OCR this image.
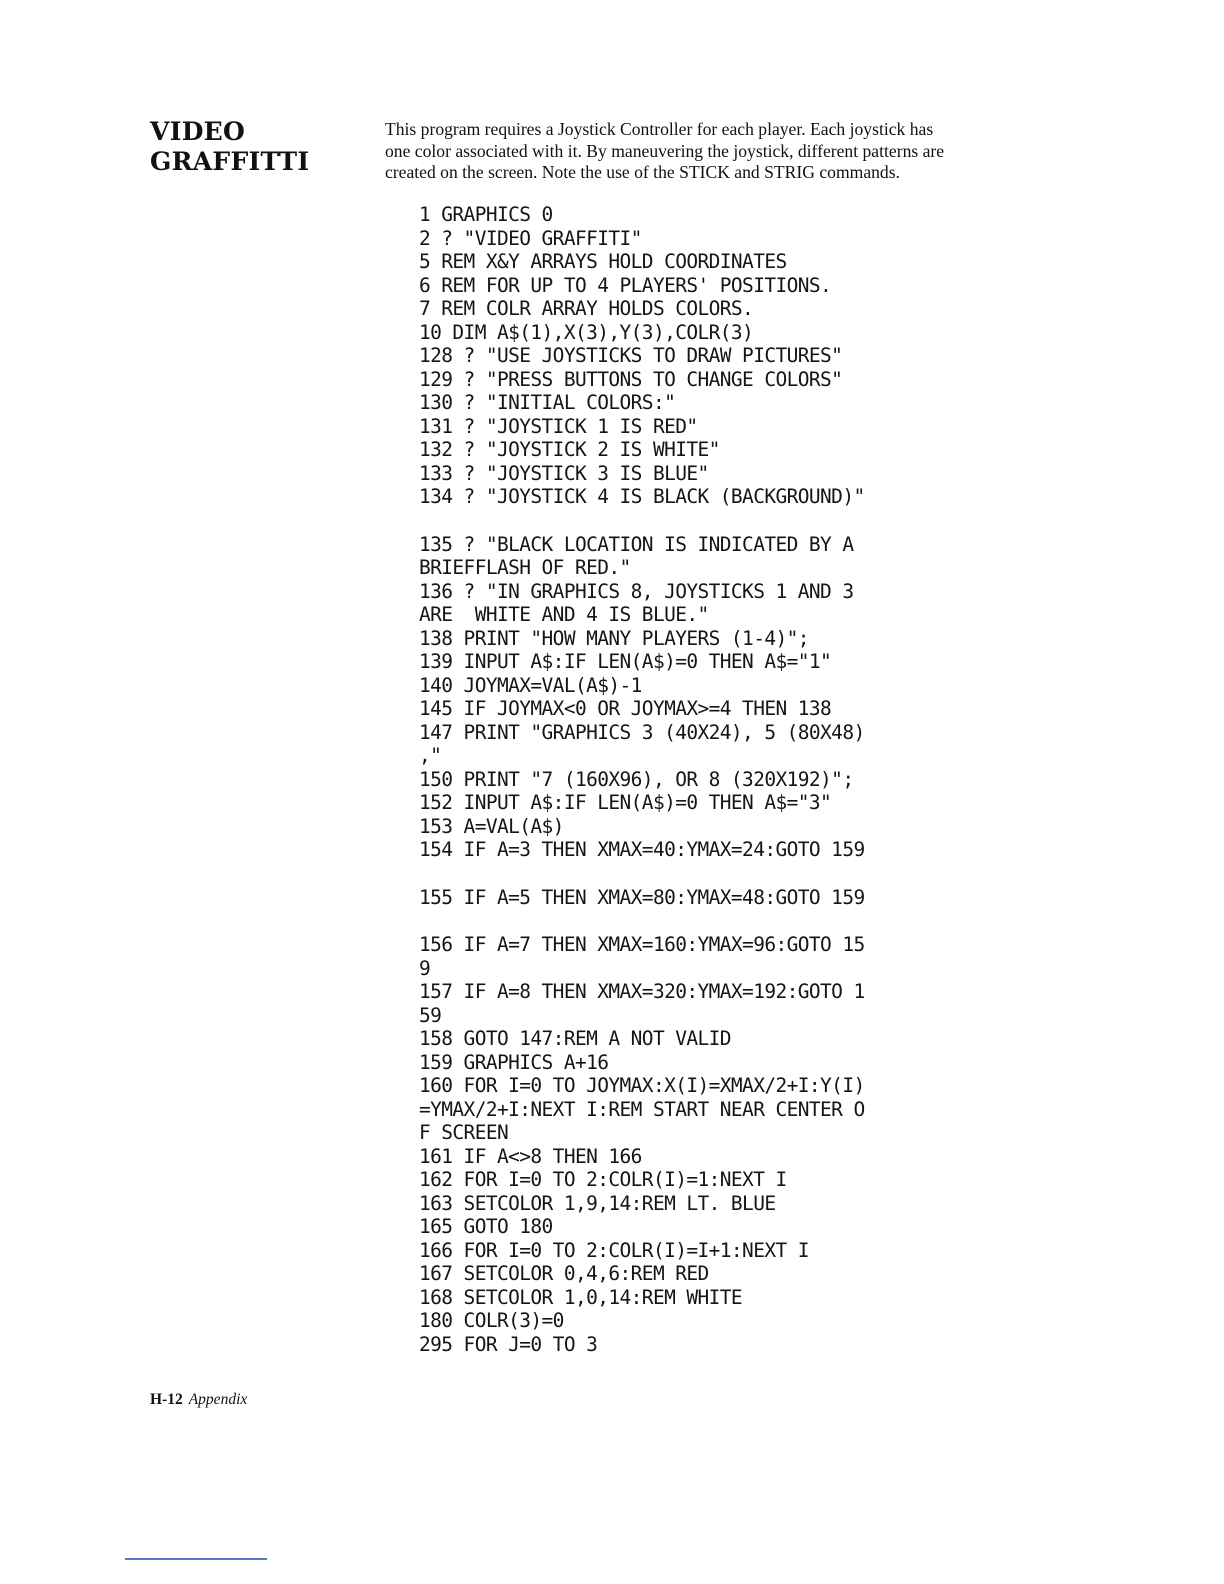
VIDEO
GRAFFITTI
This program requires a Joystick Controller for each player. Each joystick has
one color associated with it. By maneuvering the joystick, different patterns are
created on the screen. Note the use of the STICK and STRIG commands.
1 GRAPHICS 0
2 ? "VIDEO GRAFFITI"
5 REM X&Y ARRAYS HOLD COORDINATES
6 REM FOR UP TO 4 PLAYERS' POSITIONS.
7 REM COLR ARRAY HOLDS COLORS.
10 DIM A$(1),X(3),Y(3),COLR(3)
128 ? "USE JOYSTICKS TO DRAW PICTURES"
129 ? "PRESS BUTTONS TO CHANGE COLORS"
130 ? "INITIAL COLORS:"
131 ? "JOYSTICK 1 IS RED"
132 ? "JOYSTICK 2 IS WHITE"
133 ? "JOYSTICK 3 IS BLUE"
134 ? "JOYSTICK 4 IS BLACK (BACKGROUND)"
135 ? "BLACK LOCATION IS INDICATED BY A
BRIEFFLASH OF RED."
136 ? "IN GRAPHICS 8, JOYSTICKS 1 AND 3
ARE  WHITE AND 4 IS BLUE."
138 PRINT "HOW MANY PLAYERS (1-4)";
139 INPUT A$:IF LEN(A$)=0 THEN A$="1"
140 JOYMAX=VAL(A$)-1
145 IF JOYMAX<0 OR JOYMAX>=4 THEN 138
147 PRINT "GRAPHICS 3 (40X24), 5 (80X48)
,"
150 PRINT "7 (160X96), OR 8 (320X192)";
152 INPUT A$:IF LEN(A$)=0 THEN A$="3"
153 A=VAL(A$)
154 IF A=3 THEN XMAX=40:YMAX=24:GOTO 159
155 IF A=5 THEN XMAX=80:YMAX=48:GOTO 159
156 IF A=7 THEN XMAX=160:YMAX=96:GOTO 15
9
157 IF A=8 THEN XMAX=320:YMAX=192:GOTO 1
59
158 GOTO 147:REM A NOT VALID
159 GRAPHICS A+16
160 FOR I=0 TO JOYMAX:X(I)=XMAX/2+I:Y(I)
=YMAX/2+I:NEXT I:REM START NEAR CENTER O
F SCREEN
161 IF A<>8 THEN 166
162 FOR I=0 TO 2:COLR(I)=1:NEXT I
163 SETCOLOR 1,9,14:REM LT. BLUE
165 GOTO 180
166 FOR I=0 TO 2:COLR(I)=I+1:NEXT I
167 SETCOLOR 0,4,6:REM RED
168 SETCOLOR 1,0,14:REM WHITE
180 COLR(3)=0
295 FOR J=0 TO 3
H-12 Appendix
